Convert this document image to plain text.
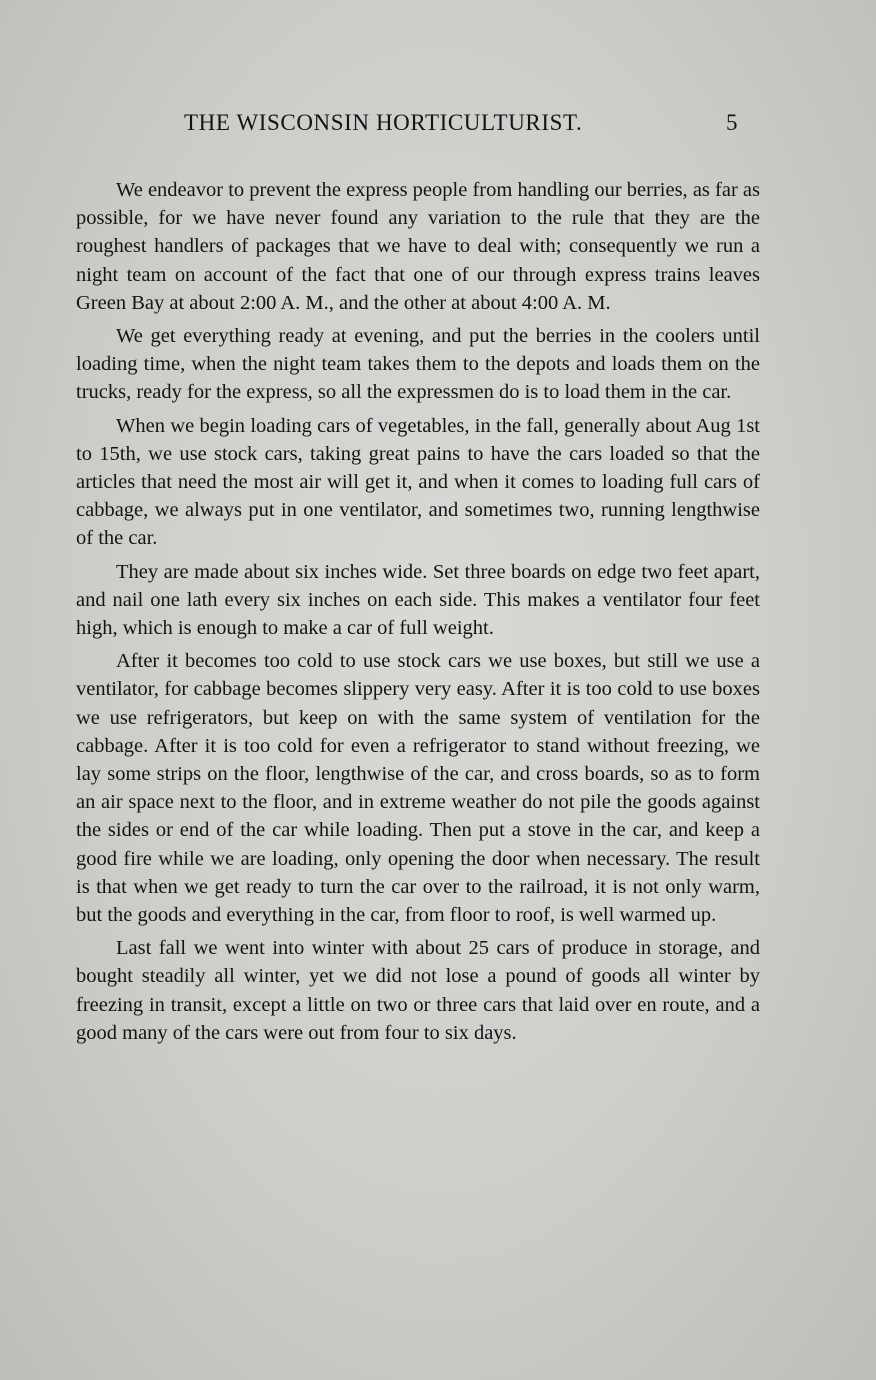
THE WISCONSIN HORTICULTURIST.	5

We endeavor to prevent the express people from handling our berries, as far as possible, for we have never found any variation to the rule that they are the roughest handlers of packages that we have to deal with; consequently we run a night team on account of the fact that one of our through express trains leaves Green Bay at about 2:00 A. M., and the other at about 4:00 A. M.

We get everything ready at evening, and put the berries in the coolers until loading time, when the night team takes them to the depots and loads them on the trucks, ready for the express, so all the expressmen do is to load them in the car.

When we begin loading cars of vegetables, in the fall, generally about Aug 1st to 15th, we use stock cars, taking great pains to have the cars loaded so that the articles that need the most air will get it, and when it comes to loading full cars of cabbage, we always put in one ventilator, and sometimes two, running lengthwise of the car.

They are made about six inches wide. Set three boards on edge two feet apart, and nail one lath every six inches on each side. This makes a ventilator four feet high, which is enough to make a car of full weight.

After it becomes too cold to use stock cars we use boxes, but still we use a ventilator, for cabbage becomes slippery very easy. After it is too cold to use boxes we use refrigerators, but keep on with the same system of ventilation for the cabbage. After it is too cold for even a refrigerator to stand without freezing, we lay some strips on the floor, lengthwise of the car, and cross boards, so as to form an air space next to the floor, and in extreme weather do not pile the goods against the sides or end of the car while loading. Then put a stove in the car, and keep a good fire while we are loading, only opening the door when necessary. The result is that when we get ready to turn the car over to the railroad, it is not only warm, but the goods and everything in the car, from floor to roof, is well warmed up.

Last fall we went into winter with about 25 cars of produce in storage, and bought steadily all winter, yet we did not lose a pound of goods all winter by freezing in transit, except a little on two or three cars that laid over en route, and a good many of the cars were out from four to six days.
